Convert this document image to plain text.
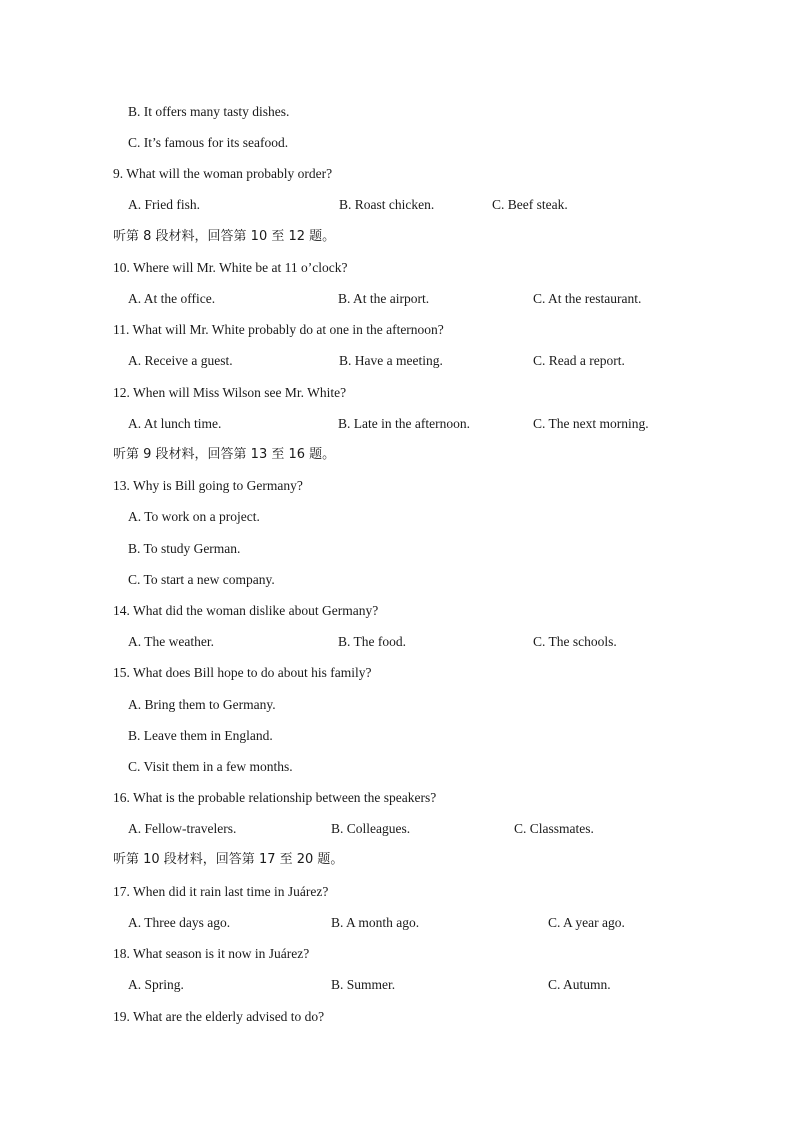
B. It offers many tasty dishes.
C. It’s famous for its seafood.
9. What will the woman probably order?
A. Fried fish.	B. Roast chicken.	C. Beef steak.
听第 8 段材料，回答第 10 至 12 题。
10. Where will Mr. White be at 11 o’clock?
A. At the office.	B. At the airport.	C. At the restaurant.
11. What will Mr. White probably do at one in the afternoon?
A. Receive a guest.	B. Have a meeting.	C. Read a report.
12. When will Miss Wilson see Mr. White?
A. At lunch time.	B. Late in the afternoon.	C. The next morning.
听第 9 段材料，回答第 13 至 16 题。
13. Why is Bill going to Germany?
A. To work on a project.
B. To study German.
C. To start a new company.
14. What did the woman dislike about Germany?
A. The weather.	B. The food.	C. The schools.
15. What does Bill hope to do about his family?
A. Bring them to Germany.
B. Leave them in England.
C. Visit them in a few months.
16. What is the probable relationship between the speakers?
A. Fellow-travelers.	B. Colleagues.	C. Classmates.
听第 10 段材料，回答第 17 至 20 题。
17. When did it rain last time in Juárez?
A. Three days ago.	B. A month ago.	C. A year ago.
18. What season is it now in Juárez?
A. Spring.	B. Summer.	C. Autumn.
19. What are the elderly advised to do?
